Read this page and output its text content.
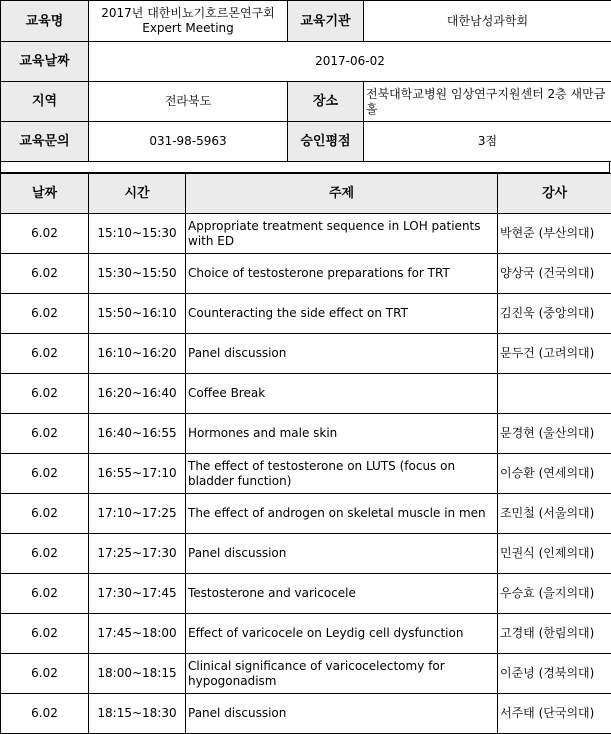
교육명	2017년 대한비뇨기호르몬연구회 Expert Meeting	교육기관	대한남성과학회
교육날짜	2017-06-02		
지역	전라북도	장소	전북대학교병원 임상연구지원센터 2층 새만금홀
교육문의	031-98-5963	승인평점	3점
날짜	시간	주제	강사
6.02	15:10~15:30	Appropriate treatment sequence in LOH patients with ED	박현준 (부산의대)
6.02	15:30~15:50	Choice of testosterone preparations for TRT	양상국 (건국의대)
6.02	15:50~16:10	Counteracting the side effect on TRT	김진욱 (중앙의대)
6.02	16:10~16:20	Panel discussion	문두건 (고려의대)
6.02	16:20~16:40	Coffee Break	
6.02	16:40~16:55	Hormones and male skin	문경현 (울산의대)
6.02	16:55~17:10	The effect of testosterone on LUTS (focus on bladder function)	이승환 (연세의대)
6.02	17:10~17:25	The effect of androgen on skeletal muscle in men	조민철 (서울의대)
6.02	17:25~17:30	Panel discussion	민권식 (인제의대)
6.02	17:30~17:45	Testosterone and varicocele	우승효 (을지의대)
6.02	17:45~18:00	Effect of varicocele on Leydig cell dysfunction	고경태 (한림의대)
6.02	18:00~18:15	Clinical significance of varicocelectomy for hypogonadism	이준녕 (경북의대)
6.02	18:15~18:30	Panel discussion	서주태 (단국의대)
